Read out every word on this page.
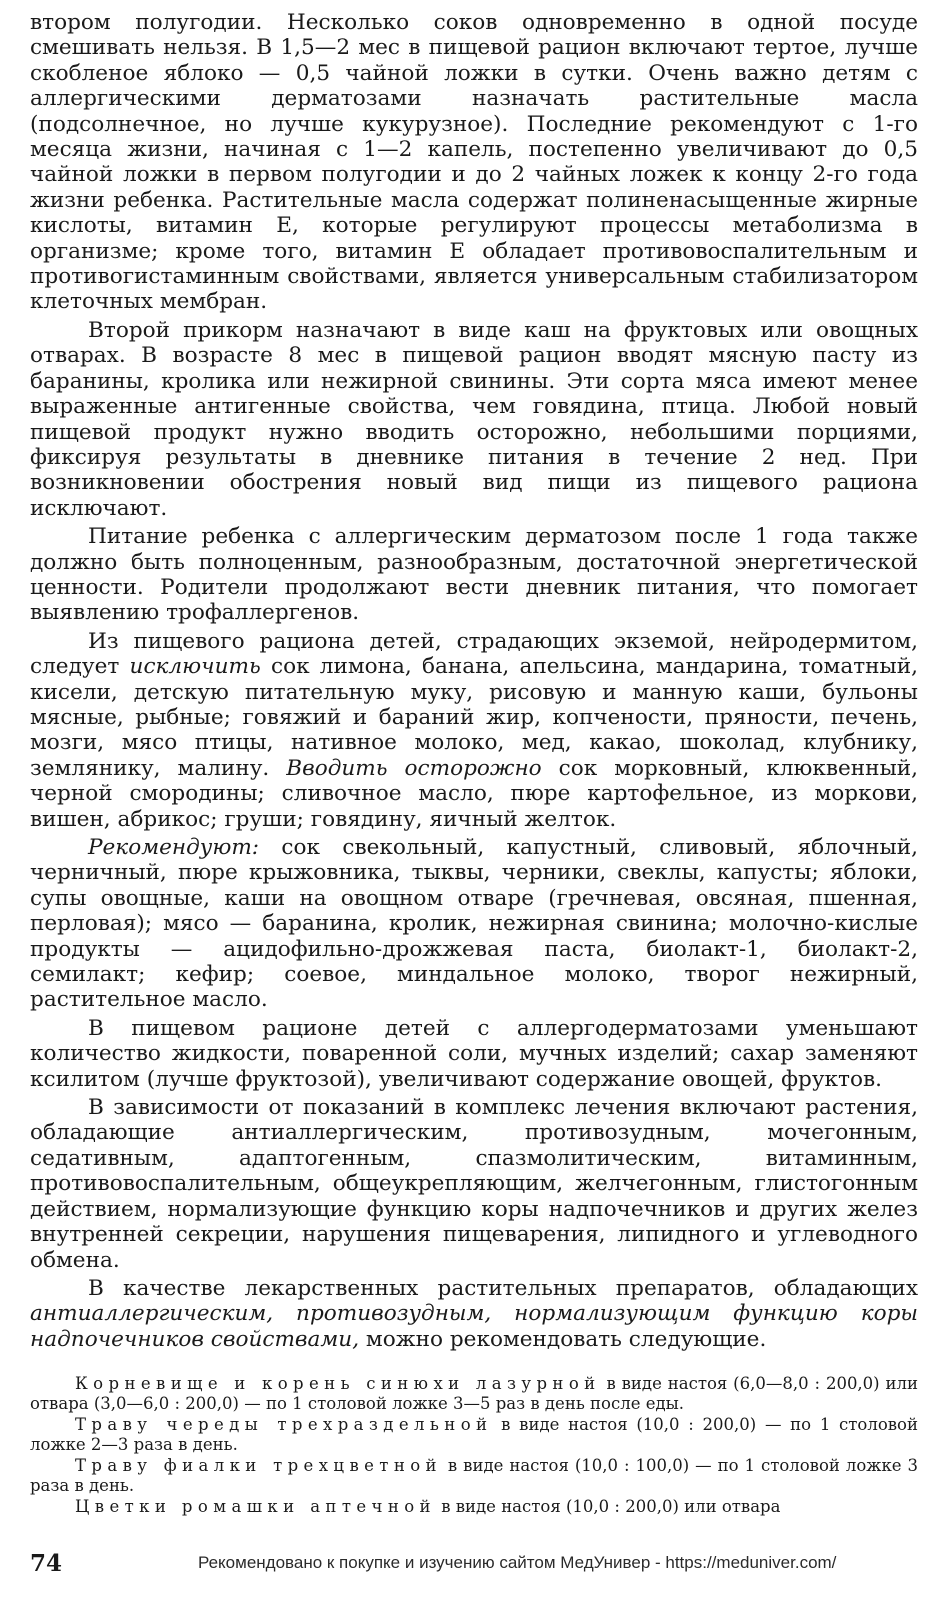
втором полугодии. Несколько соков одновременно в одной посуде смешивать нельзя. В 1,5—2 мес в пищевой рацион включают тертое, лучше скобленое яблоко — 0,5 чайной ложки в сутки. Очень важно детям с аллергическими дерматозами назначать растительные масла (подсолнечное, но лучше кукурузное). Последние рекомендуют с 1-го месяца жизни, начиная с 1—2 капель, постепенно увеличивают до 0,5 чайной ложки в первом полугодии и до 2 чайных ложек к концу 2-го года жизни ребенка. Растительные масла содержат полиненасыщенные жирные кислоты, витамин Е, которые регулируют процессы метаболизма в организме; кроме того, витамин Е обладает противовоспалительным и противогистаминным свойствами, является универсальным стабилизатором клеточных мембран.

Второй прикорм назначают в виде каш на фруктовых или овощных отварах. В возрасте 8 мес в пищевой рацион вводят мясную пасту из баранины, кролика или нежирной свинины. Эти сорта мяса имеют менее выраженные антигенные свойства, чем говядина, птица. Любой новый пищевой продукт нужно вводить осторожно, небольшими порциями, фиксируя результаты в дневнике питания в течение 2 нед. При возникновении обострения новый вид пищи из пищевого рациона исключают.

Питание ребенка с аллергическим дерматозом после 1 года также должно быть полноценным, разнообразным, достаточной энергетической ценности. Родители продолжают вести дневник питания, что помогает выявлению трофаллергенов.

Из пищевого рациона детей, страдающих экземой, нейродермитом, следует исключить сок лимона, банана, апельсина, мандарина, томатный, кисели, детскую питательную муку, рисовую и манную каши, бульоны мясные, рыбные; говяжий и бараний жир, копчености, пряности, печень, мозги, мясо птицы, нативное молоко, мед, какао, шоколад, клубнику, землянику, малину. Вводить осторожно сок морковный, клюквенный, черной смородины; сливочное масло, пюре картофельное, из моркови, вишен, абрикос; груши; говядину, яичный желток.

Рекомендуют: сок свекольный, капустный, сливовый, яблочный, черничный, пюре крыжовника, тыквы, черники, свеклы, капусты; яблоки, супы овощные, каши на овощном отваре (гречневая, овсяная, пшенная, перловая); мясо — баранина, кролик, нежирная свинина; молочно-кислые продукты — ацидофильно-дрожжевая паста, биолакт-1, биолакт-2, семилакт; кефир; соевое, миндальное молоко, творог нежирный, растительное масло.

В пищевом рационе детей с аллергодерматозами уменьшают количество жидкости, поваренной соли, мучных изделий; сахар заменяют ксилитом (лучше фруктозой), увеличивают содержание овощей, фруктов.

В зависимости от показаний в комплекс лечения включают растения, обладающие антиаллергическим, противозудным, мочегонным, седативным, адаптогенным, спазмолитическим, витаминным, противовоспалительным, общеукрепляющим, желчегонным, глистогонным действием, нормализующие функцию коры надпочечников и других желез внутренней секреции, нарушения пищеварения, липидного и углеводного обмена.

В качестве лекарственных растительных препаратов, обладающих антиаллергическим, противозудным, нормализующим функцию коры надпочечников свойствами, можно рекомендовать следующие.

Корневище и корень синюхи лазурной в виде настоя (6,0—8,0 : 200,0) или отвара (3,0—6,0 : 200,0) — по 1 столовой ложке 3—5 раз в день после еды.

Траву череды трехраздельной в виде настоя (10,0 : 200,0) — по 1 столовой ложке 2—3 раза в день.

Траву фиалки трехцветной в виде настоя (10,0 : 100,0) — по 1 столовой ложке 3 раза в день.

Цветки ромашки аптечной в виде настоя (10,0 : 200,0) или отвара

74	Рекомендовано к покупке и изучению сайтом МедУнивер - https://meduniver.com/
